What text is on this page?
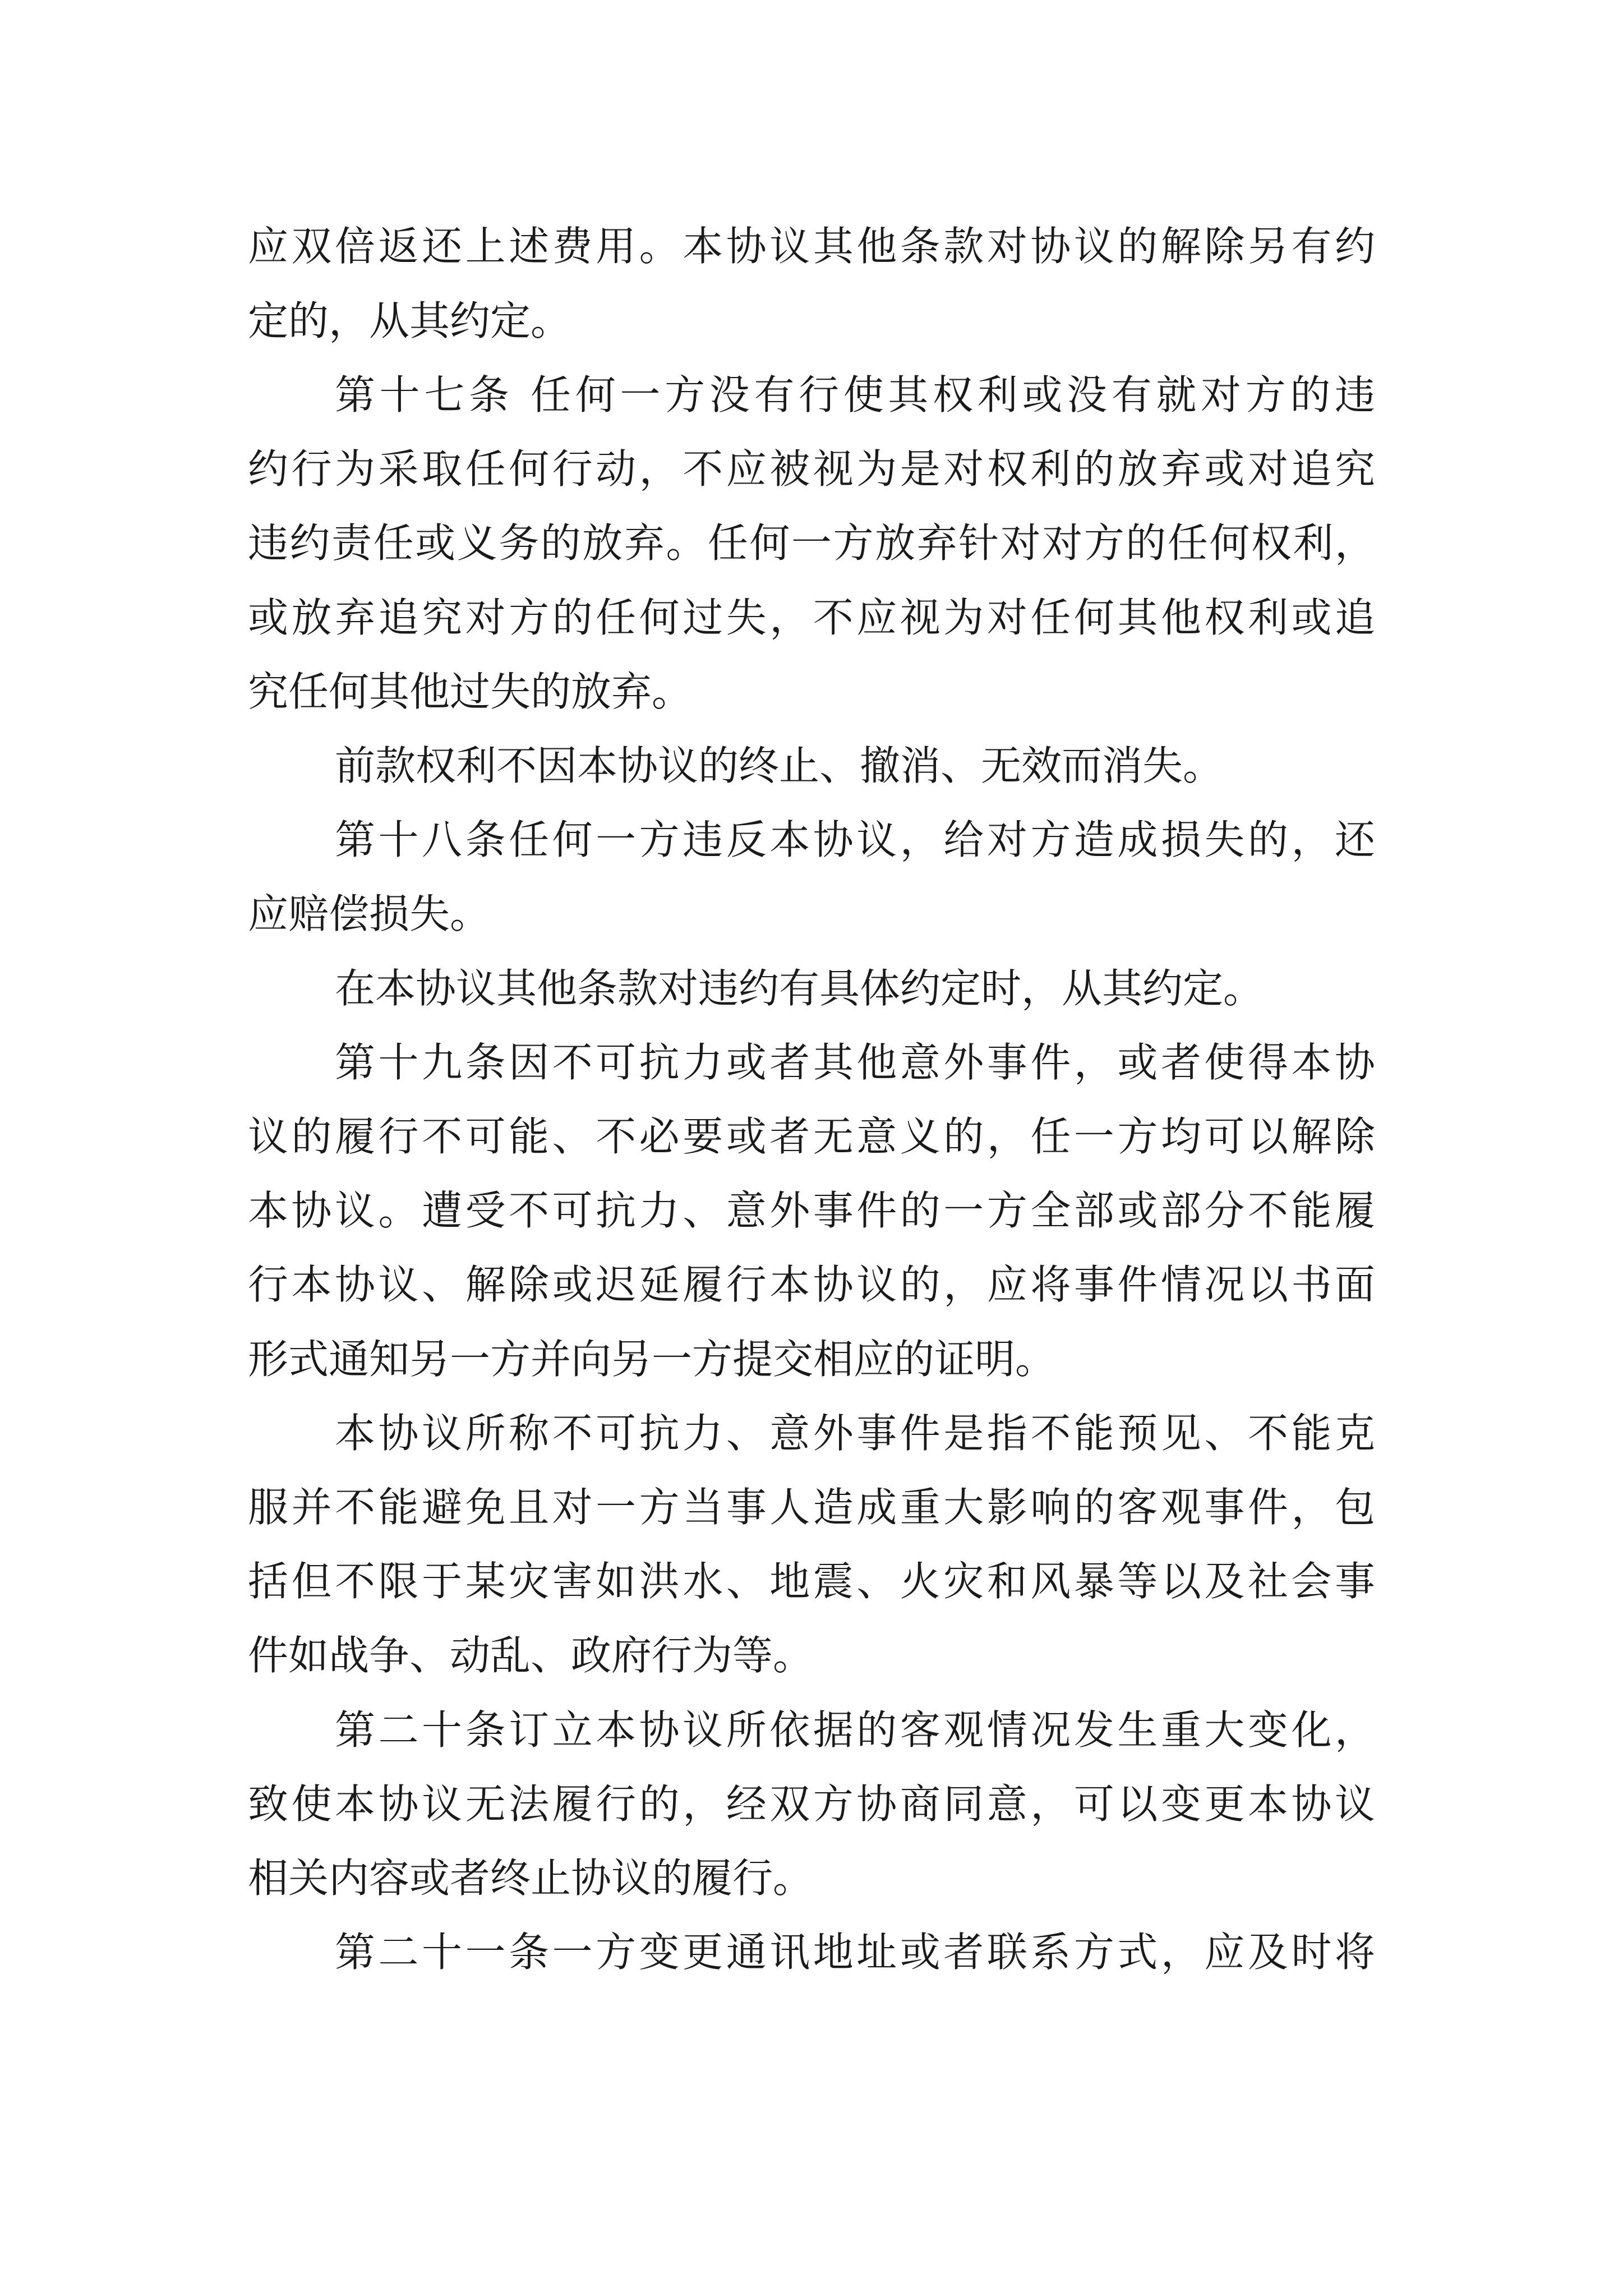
应双倍返还上述费用。本协议其他条款对协议的解除另有约
定的，从其约定。
第十七条 任何一方没有行使其权利或没有就对方的违
约行为采取任何行动，不应被视为是对权利的放弃或对追究
违约责任或义务的放弃。任何一方放弃针对对方的任何权利，
或放弃追究对方的任何过失，不应视为对任何其他权利或追
究任何其他过失的放弃。
前款权利不因本协议的终止、撤消、无效而消失。
第十八条任何一方违反本协议，给对方造成损失的，还
应赔偿损失。
在本协议其他条款对违约有具体约定时，从其约定。
第十九条因不可抗力或者其他意外事件，或者使得本协
议的履行不可能、不必要或者无意义的，任一方均可以解除
本协议。遭受不可抗力、意外事件的一方全部或部分不能履
行本协议、解除或迟延履行本协议的，应将事件情况以书面
形式通知另一方并向另一方提交相应的证明。
本协议所称不可抗力、意外事件是指不能预见、不能克
服并不能避免且对一方当事人造成重大影响的客观事件，包
括但不限于某灾害如洪水、地震、火灾和风暴等以及社会事
件如战争、动乱、政府行为等。
第二十条订立本协议所依据的客观情况发生重大变化，
致使本协议无法履行的，经双方协商同意，可以变更本协议
相关内容或者终止协议的履行。
第二十一条一方变更通讯地址或者联系方式，应及时将
